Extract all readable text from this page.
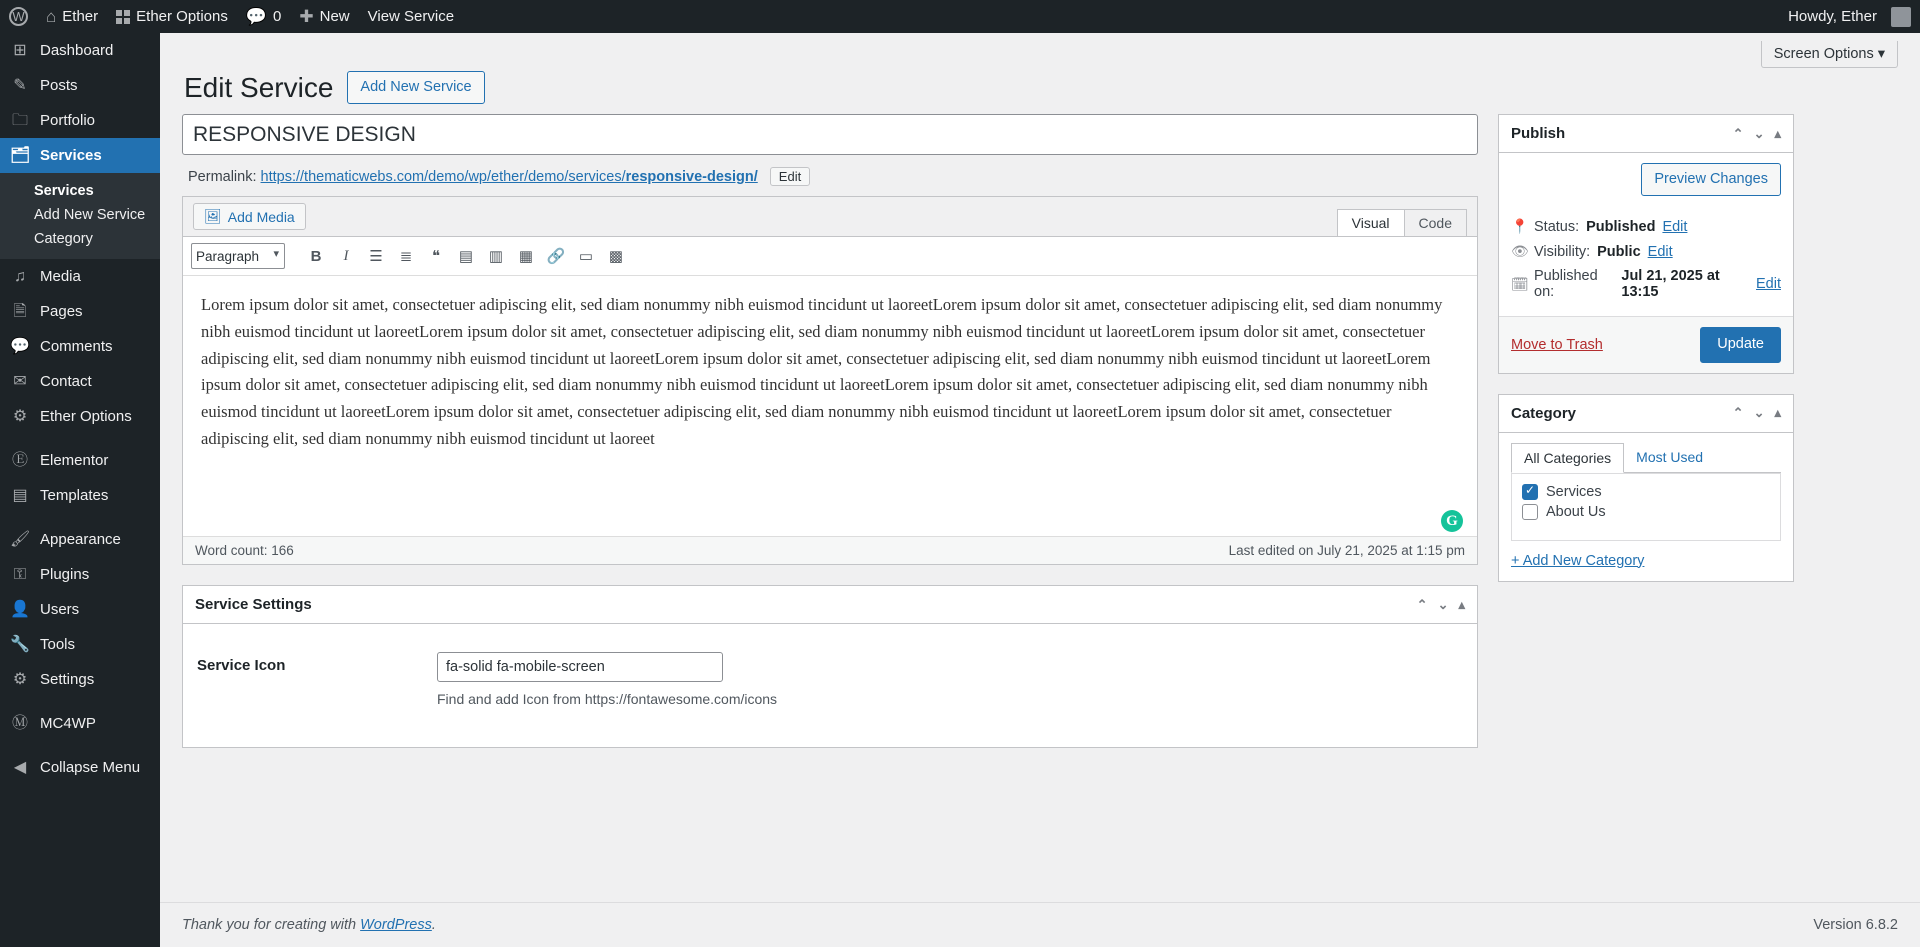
W ⌂ Ether	Ether Options 💬 0 ✚ New View Service	Howdy, Ether
⊞ Dashboard
✎ Posts
🗀 Portfolio
🗂 Services
Services
Add New Service
Category
♫ Media
🗎 Pages
💬 Comments
✉ Contact
⚙ Ether Options
Ⓔ Elementor
▤ Templates
🖌 Appearance
⚿ Plugins
👤 Users
🔧 Tools
⚙ Settings
Ⓜ MC4WP
◀ Collapse Menu
Screen Options ▾
Edit Service	Add New Service
RESPONSIVE DESIGN
Permalink: https://thematicwebs.com/demo/wp/ether/demo/services/responsive-design/ Edit
🖼 Add Media	Visual	Code
Paragraph ▾
B	I	☰	≣	❝	▤	▥	▦ 🔗 ▭	▩
Lorem ipsum dolor sit amet, consectetuer adipiscing elit, sed diam nonummy nibh euismod tincidunt ut laoreetLorem ipsum dolor sit amet, consectetuer adipiscing elit, sed diam nonummy nibh euismod tincidunt ut laoreetLorem ipsum dolor sit amet, consectetuer adipiscing elit, sed diam nonummy nibh euismod tincidunt ut laoreetLorem ipsum dolor sit amet, consectetuer adipiscing elit, sed diam nonummy nibh euismod tincidunt ut laoreetLorem ipsum dolor sit amet, consectetuer adipiscing elit, sed diam nonummy nibh euismod tincidunt ut laoreetLorem ipsum dolor sit amet, consectetuer adipiscing elit, sed diam nonummy nibh euismod tincidunt ut laoreetLorem ipsum dolor sit amet, consectetuer adipiscing elit, sed diam nonummy nibh euismod tincidunt ut laoreetLorem ipsum dolor sit amet, consectetuer adipiscing elit, sed diam nonummy nibh euismod tincidunt ut laoreetLorem ipsum dolor sit amet, consectetuer adipiscing elit, sed diam nonummy nibh euismod tincidunt ut laoreet
G
Word count: 166	Last edited on July 21, 2025 at 1:15 pm
Service Settings	⌃ ⌄ ▴
Service Icon
fa-solid fa-mobile-screen
Find and add Icon from https://fontawesome.com/icons
Publish	⌃ ⌄ ▴
Preview Changes
📍 Status: Published Edit
👁 Visibility: Public Edit
🗓 Published on:
Jul 21, 2025 at 13:15	Edit
Move to Trash	Update
Category	⌃ ⌄ ▴
All Categories	Most Used
✓
Services
About Us
+ Add New Category
Thank you for creating with WordPress.	Version 6.8.2
